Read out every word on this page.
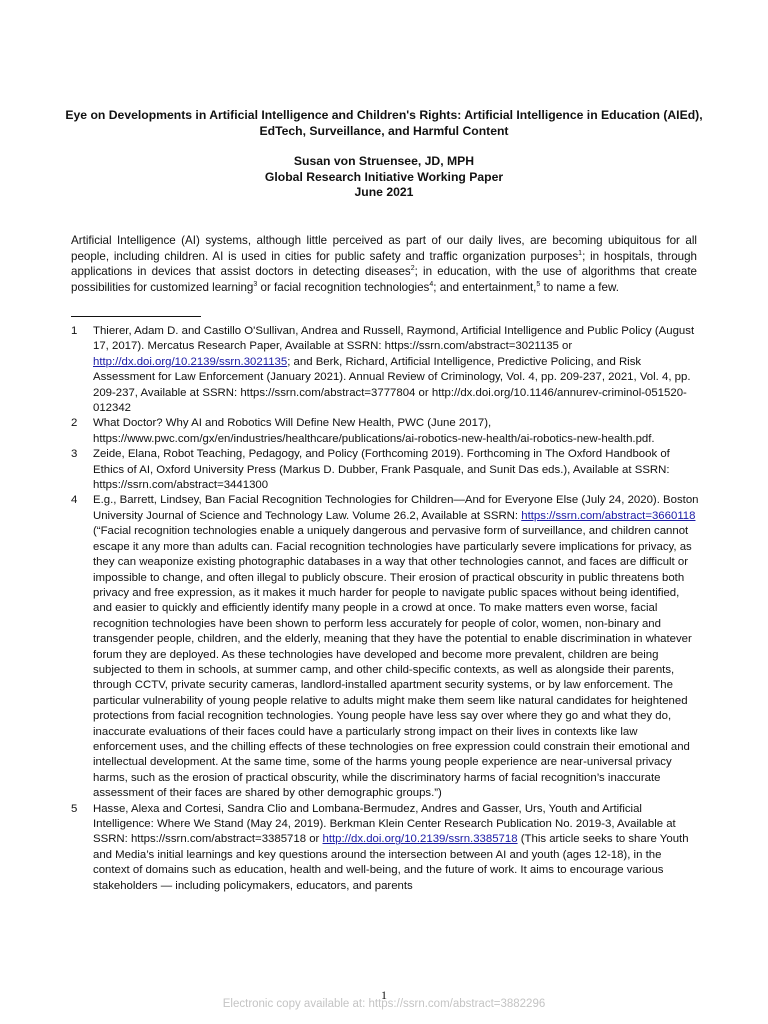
Eye on Developments in Artificial Intelligence and Children's Rights: Artificial Intelligence in Education (AIEd), EdTech, Surveillance, and Harmful Content
Susan von Struensee, JD, MPH
Global Research Initiative Working Paper
June 2021
Artificial Intelligence (AI) systems, although little perceived as part of our daily lives, are becoming ubiquitous for all people, including children. AI is used in cities for public safety and traffic organization purposes$^1$; in hospitals, through applications in devices that assist doctors in detecting diseases$^2$; in education, with the use of algorithms that create possibilities for customized learning$^3$ or facial recognition technologies$^4$; and entertainment,$^5$ to name a few.
1 Thierer, Adam D. and Castillo O'Sullivan, Andrea and Russell, Raymond, Artificial Intelligence and Public Policy (August 17, 2017). Mercatus Research Paper, Available at SSRN: https://ssrn.com/abstract=3021135 or http://dx.doi.org/10.2139/ssrn.3021135; and Berk, Richard, Artificial Intelligence, Predictive Policing, and Risk Assessment for Law Enforcement (January 2021). Annual Review of Criminology, Vol. 4, pp. 209-237, 2021, Vol. 4, pp. 209-237, Available at SSRN: https://ssrn.com/abstract=3777804 or http://dx.doi.org/10.1146/annurev-criminol-051520-012342
2 What Doctor? Why AI and Robotics Will Define New Health, PWC (June 2017), https://www.pwc.com/gx/en/industries/healthcare/publications/ai-robotics-new-health/ai-robotics-new-health.pdf.
3 Zeide, Elana, Robot Teaching, Pedagogy, and Policy (Forthcoming 2019). Forthcoming in The Oxford Handbook of Ethics of AI, Oxford University Press (Markus D. Dubber, Frank Pasquale, and Sunit Das eds.), Available at SSRN: https://ssrn.com/abstract=3441300
4 E.g., Barrett, Lindsey, Ban Facial Recognition Technologies for Children—And for Everyone Else (July 24, 2020). Boston University Journal of Science and Technology Law. Volume 26.2, Available at SSRN: https://ssrn.com/abstract=3660118 (“Facial recognition technologies enable a uniquely dangerous and pervasive form of surveillance, and children cannot escape it any more than adults can. Facial recognition technologies have particularly severe implications for privacy, as they can weaponize existing photographic databases in a way that other technologies cannot, and faces are difficult or impossible to change, and often illegal to publicly obscure. Their erosion of practical obscurity in public threatens both privacy and free expression, as it makes it much harder for people to navigate public spaces without being identified, and easier to quickly and efficiently identify many people in a crowd at once. To make matters even worse, facial recognition technologies have been shown to perform less accurately for people of color, women, non-binary and transgender people, children, and the elderly, meaning that they have the potential to enable discrimination in whatever forum they are deployed. As these technologies have developed and become more prevalent, children are being subjected to them in schools, at summer camp, and other child-specific contexts, as well as alongside their parents, through CCTV, private security cameras, landlord-installed apartment security systems, or by law enforcement. The particular vulnerability of young people relative to adults might make them seem like natural candidates for heightened protections from facial recognition technologies. Young people have less say over where they go and what they do, inaccurate evaluations of their faces could have a particularly strong impact on their lives in contexts like law enforcement uses, and the chilling effects of these technologies on free expression could constrain their emotional and intellectual development. At the same time, some of the harms young people experience are near-universal privacy harms, such as the erosion of practical obscurity, while the discriminatory harms of facial recognition’s inaccurate assessment of their faces are shared by other demographic groups.”)
5 Hasse, Alexa and Cortesi, Sandra Clio and Lombana-Bermudez, Andres and Gasser, Urs, Youth and Artificial Intelligence: Where We Stand (May 24, 2019). Berkman Klein Center Research Publication No. 2019-3, Available at SSRN: https://ssrn.com/abstract=3385718 or http://dx.doi.org/10.2139/ssrn.3385718 (This article seeks to share Youth and Media’s initial learnings and key questions around the intersection between AI and youth (ages 12-18), in the context of domains such as education, health and well-being, and the future of work. It aims to encourage various stakeholders — including policymakers, educators, and parents
1
Electronic copy available at: https://ssrn.com/abstract=3882296
